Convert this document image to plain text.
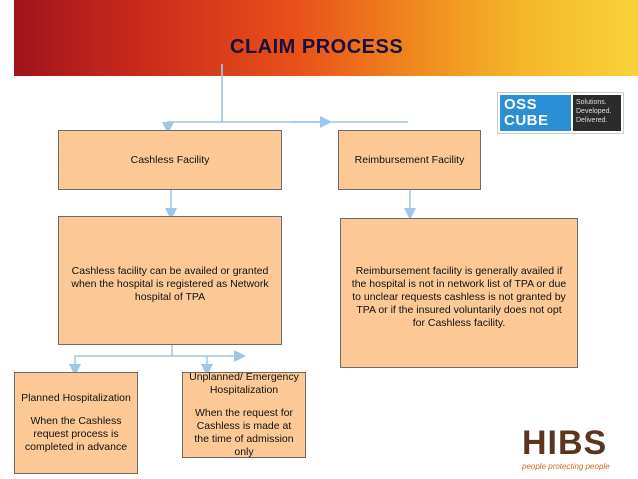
CLAIM PROCESS

Cashless Facility	Reimbursement Facility

Cashless facility can be availed or granted when the hospital is registered as Network hospital of TPA

Reimbursement facility is generally availed if the hospital is not in network list of TPA or due to unclear requests cashless is not granted by TPA or if the insured voluntarily does not opt for Cashless facility.

Planned Hospitalization

When the Cashless request process is completed in advance

Unplanned/ Emergency Hospitalization

When the request for Cashless is made at the time of admission only

OSS
CUBE
Solutions. Developed. Delivered.
HIBS
people protecting people
